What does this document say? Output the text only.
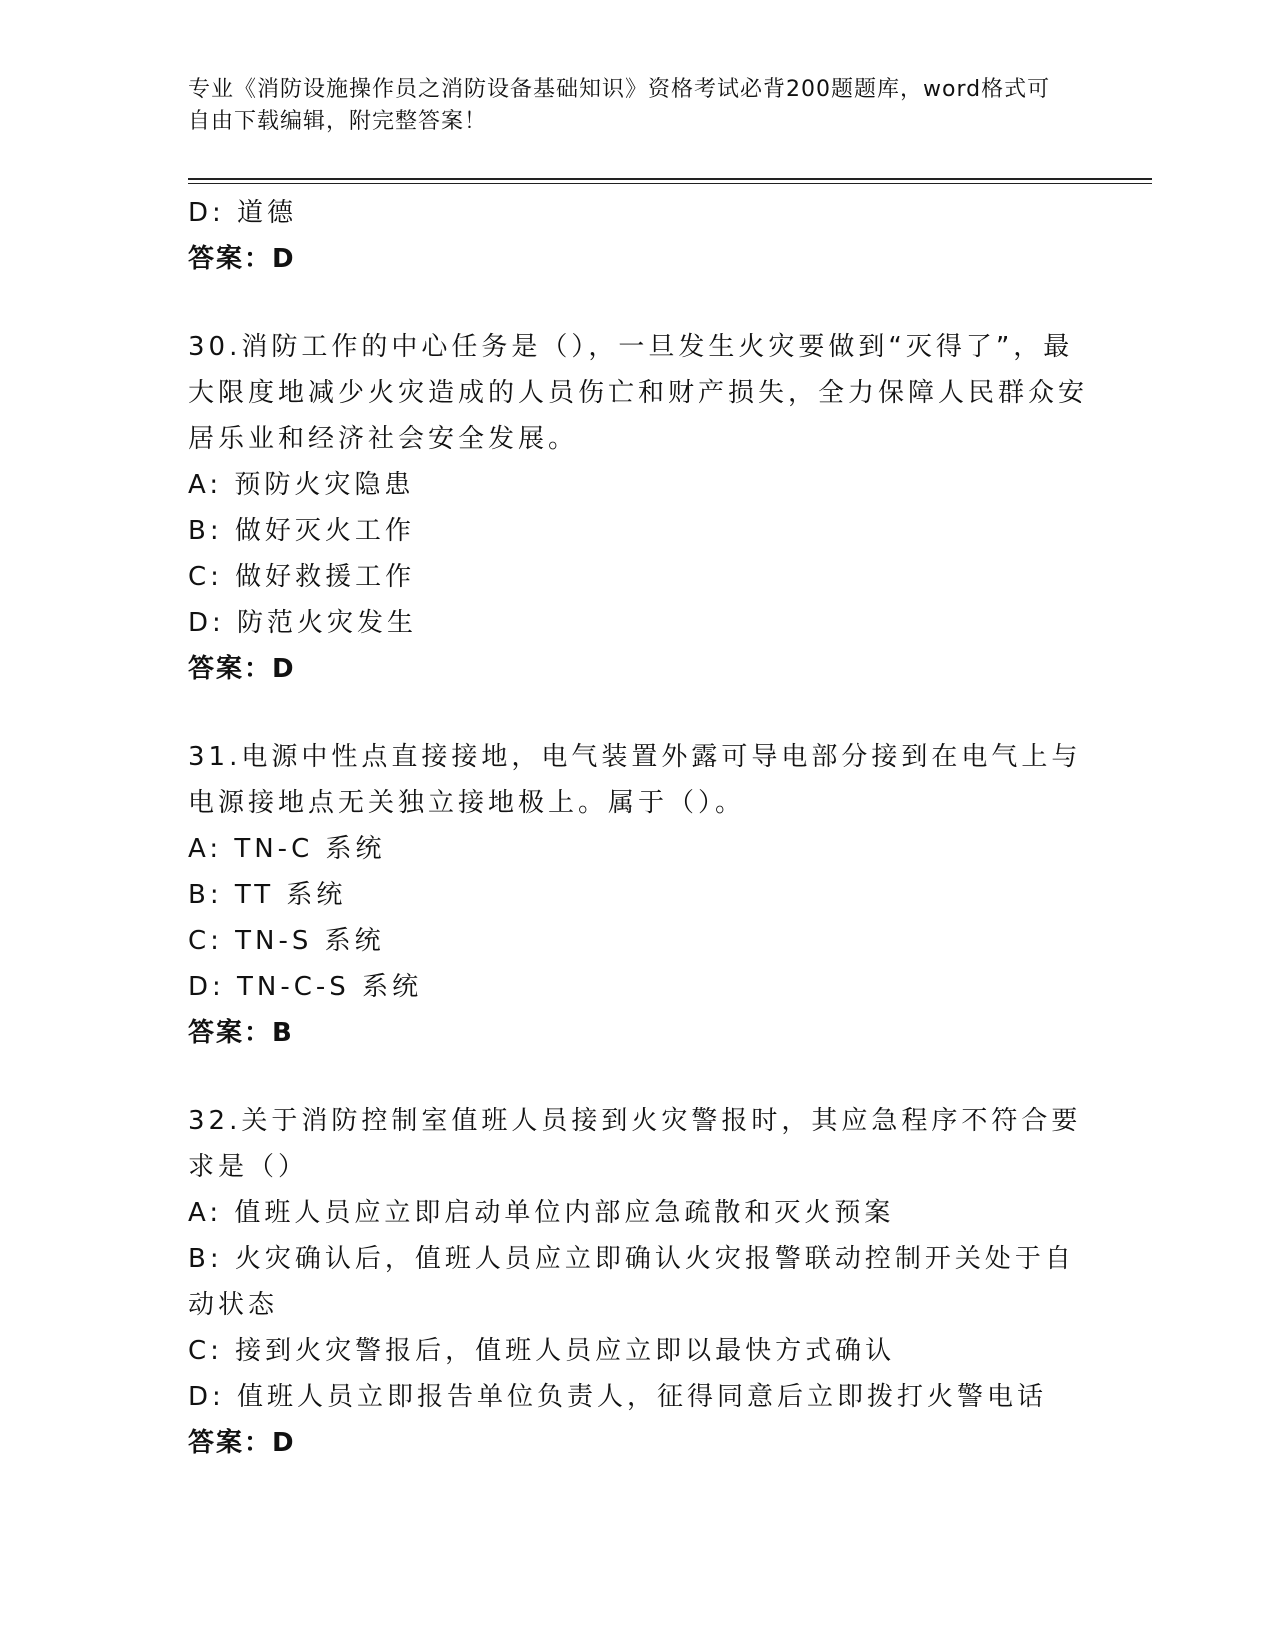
专业《消防设施操作员之消防设备基础知识》资格考试必背200题题库，word格式可自由下载编辑，附完整答案！

D: 道德

答案：D

30.消防工作的中心任务是（），一旦发生火灾要做到“灭得了”，最大限度地减少火灾造成的人员伤亡和财产损失，全力保障人民群众安居乐业和经济社会安全发展。

A: 预防火灾隐患

B: 做好灭火工作

C: 做好救援工作

D: 防范火灾发生

答案：D

31.电源中性点直接接地，电气装置外露可导电部分接到在电气上与电源接地点无关独立接地极上。属于（）。

A: TN-C 系统

B: TT 系统

C: TN-S 系统

D: TN-C-S 系统

答案：B

32.关于消防控制室值班人员接到火灾警报时，其应急程序不符合要求是（）

A: 值班人员应立即启动单位内部应急疏散和灭火预案

B: 火灾确认后，值班人员应立即确认火灾报警联动控制开关处于自动状态

C: 接到火灾警报后，值班人员应立即以最快方式确认

D: 值班人员立即报告单位负责人，征得同意后立即拨打火警电话

答案：D
